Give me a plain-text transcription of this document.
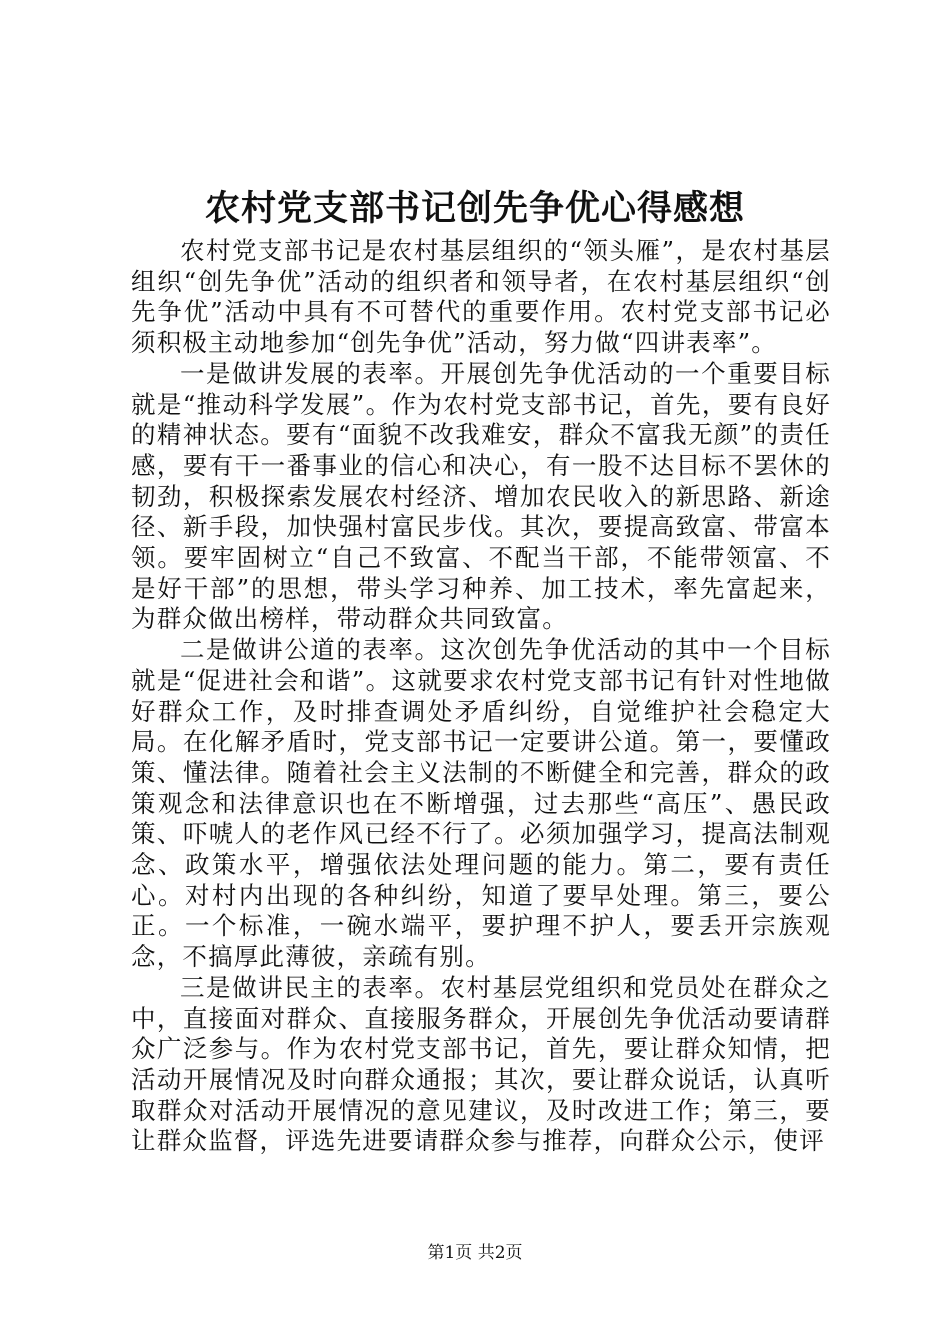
农村党支部书记创先争优心得感想

农村党支部书记是农村基层组织的“领头雁”，是农村基层组织“创先争优”活动的组织者和领导者，在农村基层组织“创先争优”活动中具有不可替代的重要作用。农村党支部书记必须积极主动地参加“创先争优”活动，努力做“四讲表率”。

一是做讲发展的表率。开展创先争优活动的一个重要目标就是“推动科学发展”。作为农村党支部书记，首先，要有良好的精神状态。要有“面貌不改我难安，群众不富我无颜”的责任感，要有干一番事业的信心和决心，有一股不达目标不罢休的韧劲，积极探索发展农村经济、增加农民收入的新思路、新途径、新手段，加快强村富民步伐。其次，要提高致富、带富本领。要牢固树立“自己不致富、不配当干部，不能带领富、不是好干部”的思想，带头学习种养、加工技术，率先富起来，为群众做出榜样，带动群众共同致富。

二是做讲公道的表率。这次创先争优活动的其中一个目标就是“促进社会和谐”。这就要求农村党支部书记有针对性地做好群众工作，及时排查调处矛盾纠纷，自觉维护社会稳定大局。在化解矛盾时，党支部书记一定要讲公道。第一，要懂政策、懂法律。随着社会主义法制的不断健全和完善，群众的政策观念和法律意识也在不断增强，过去那些“高压”、愚民政策、吓唬人的老作风已经不行了。必须加强学习，提高法制观念、政策水平，增强依法处理问题的能力。第二，要有责任心。对村内出现的各种纠纷，知道了要早处理。第三，要公正。一个标准，一碗水端平，要护理不护人，要丢开宗族观念，不搞厚此薄彼，亲疏有别。

三是做讲民主的表率。农村基层党组织和党员处在群众之中，直接面对群众、直接服务群众，开展创先争优活动要请群众广泛参与。作为农村党支部书记，首先，要让群众知情，把活动开展情况及时向群众通报；其次，要让群众说话，认真听取群众对活动开展情况的意见建议，及时改进工作；第三，要让群众监督，评选先进要请群众参与推荐，向群众公示，使评

第1页 共2页
